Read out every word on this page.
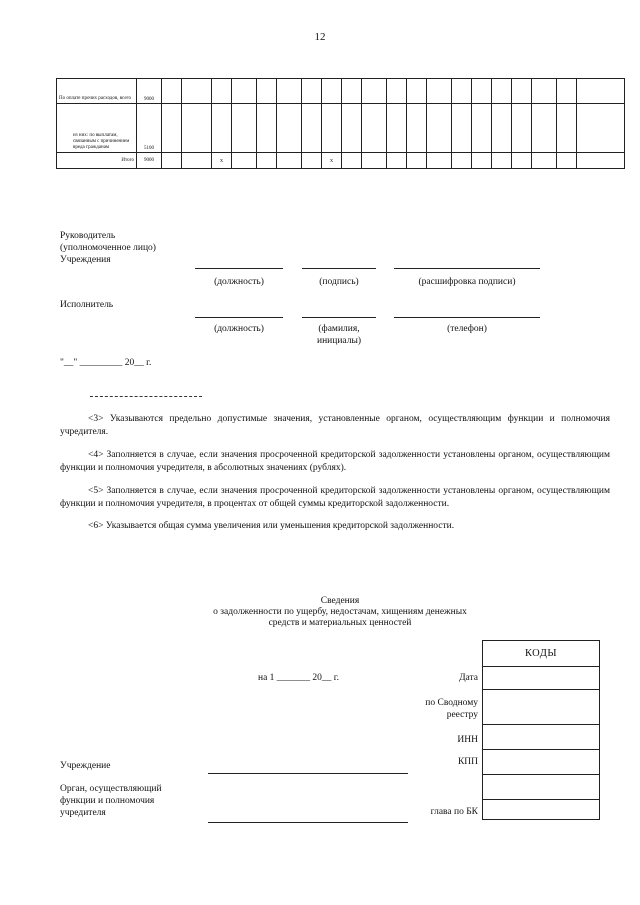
12
По оплате прочих расходов, всего	9000																				
из них: по выплатам, связанным с причинением вреда гражданам	5100																				
Итого	9000			x					x												
Руководитель
(уполномоченное лицо)
Учреждения
(должность)	(подпись)	(расшифровка подписи)
Исполнитель
(должность)	(фамилия,
инициалы)
(телефон)
"__" _________ 20__ г.
<3> Указываются предельно допустимые значения, установленные органом, осуществляющим функции и полномочия учредителя.
<4> Заполняется в случае, если значения просроченной кредиторской задолженности установлены органом, осуществляющим функции и полномочия учредителя, в абсолютных значениях (рублях).
<5> Заполняется в случае, если значения просроченной кредиторской задолженности установлены органом, осуществляющим функции и полномочия учредителя, в процентах от общей суммы кредиторской задолженности.
<6> Указывается общая сумма увеличения или уменьшения кредиторской задолженности.
Сведения
о задолженности по ущербу, недостачам, хищениям денежных
средств и материальных ценностей
КОДЫ
на 1 _______ 20__ г.	Дата
по Сводному
реестру
ИНН
КПП
глава по БК
Учреждение
Орган, осуществляющий
функции и полномочия
учредителя
